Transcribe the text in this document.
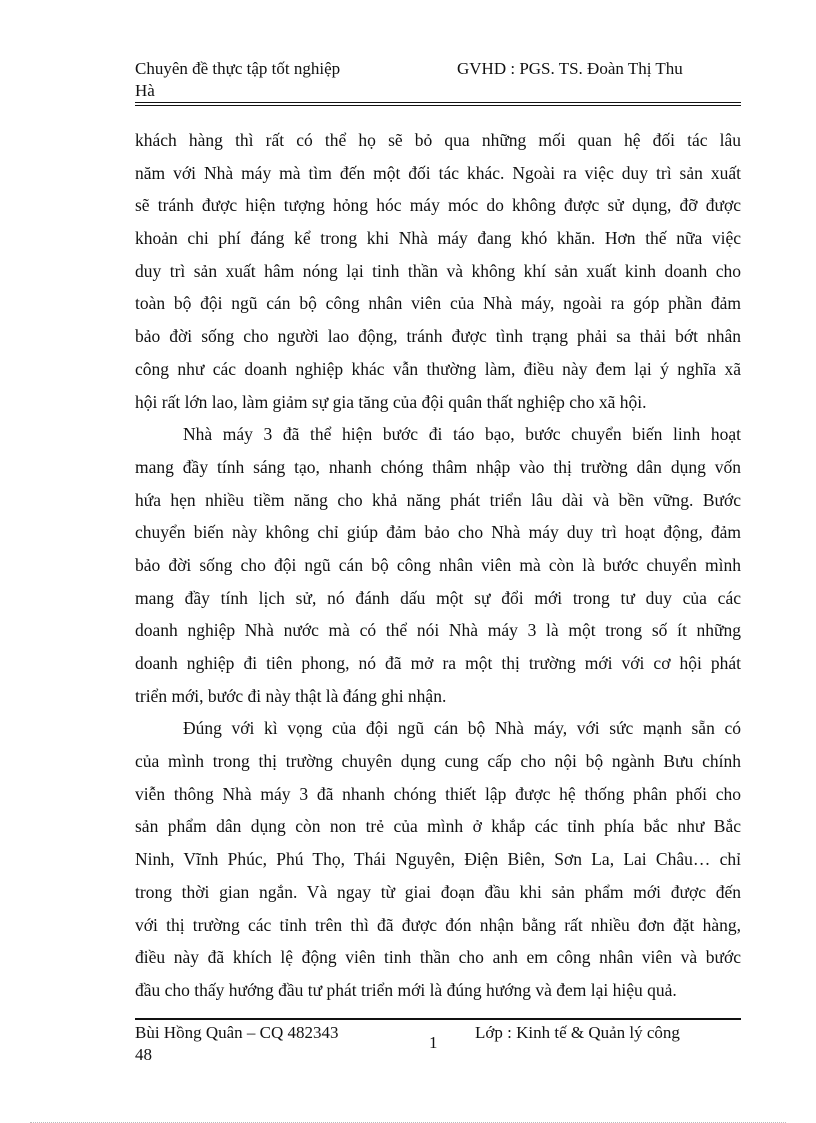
Chuyên đề thực tập tốt nghiệp	GVHD : PGS. TS. Đoàn Thị Thu
Hà
khách hàng thì rất có thể họ sẽ bỏ qua những mối quan hệ đối tác lâu
năm với Nhà máy mà tìm đến một đối tác khác. Ngoài ra việc duy trì sản xuất
sẽ tránh được hiện tượng hỏng hóc máy móc do không được sử dụng, đỡ được
khoản chi phí đáng kể trong khi Nhà máy đang khó khăn. Hơn thế nữa việc
duy trì sản xuất hâm nóng lại tinh thần và không khí sản xuất kinh doanh cho
toàn bộ đội ngũ cán bộ công nhân viên của Nhà máy, ngoài ra góp phần đảm
bảo đời sống cho người lao động, tránh được tình trạng phải sa thải bớt nhân
công như các doanh nghiệp khác vẫn thường làm, điều này đem lại ý nghĩa xã
hội rất lớn lao, làm giảm sự gia tăng của đội quân thất nghiệp cho xã hội.
Nhà máy 3 đã thể hiện bước đi táo bạo, bước chuyển biến linh hoạt
mang đầy tính sáng tạo, nhanh chóng thâm nhập vào thị trường dân dụng vốn
hứa hẹn nhiều tiềm năng cho khả năng phát triển lâu dài và bền vững. Bước
chuyển biến này không chỉ giúp đảm bảo cho Nhà máy duy trì hoạt động, đảm
bảo đời sống cho đội ngũ cán bộ công nhân viên mà còn là bước chuyển mình
mang đầy tính lịch sử, nó đánh dấu một sự đổi mới trong tư duy của các
doanh nghiệp Nhà nước mà có thể nói Nhà máy 3 là một trong số ít những
doanh nghiệp đi tiên phong, nó đã mở ra một thị trường mới với cơ hội phát
triển mới, bước đi này thật là đáng ghi nhận.
Đúng với kì vọng của đội ngũ cán bộ Nhà máy, với sức mạnh sẵn có
của mình trong thị trường chuyên dụng cung cấp cho nội bộ ngành Bưu chính
viễn thông Nhà máy 3 đã nhanh chóng thiết lập được hệ thống phân phối cho
sản phẩm dân dụng còn non trẻ của mình ở khắp các tỉnh phía bắc như Bắc
Ninh, Vĩnh Phúc, Phú Thọ, Thái Nguyên, Điện Biên, Sơn La, Lai Châu… chỉ
trong thời gian ngắn. Và ngay từ giai đoạn đầu khi sản phẩm mới được đến
với thị trường các tỉnh trên thì đã được đón nhận bằng rất nhiều đơn đặt hàng,
điều này đã khích lệ động viên tinh thần cho anh em công nhân viên và bước
đầu cho thấy hướng đầu tư phát triển mới là đúng hướng và đem lại hiệu quả.
Bùi Hồng Quân – CQ 482343
48
1
Lớp : Kinh tế & Quản lý công
